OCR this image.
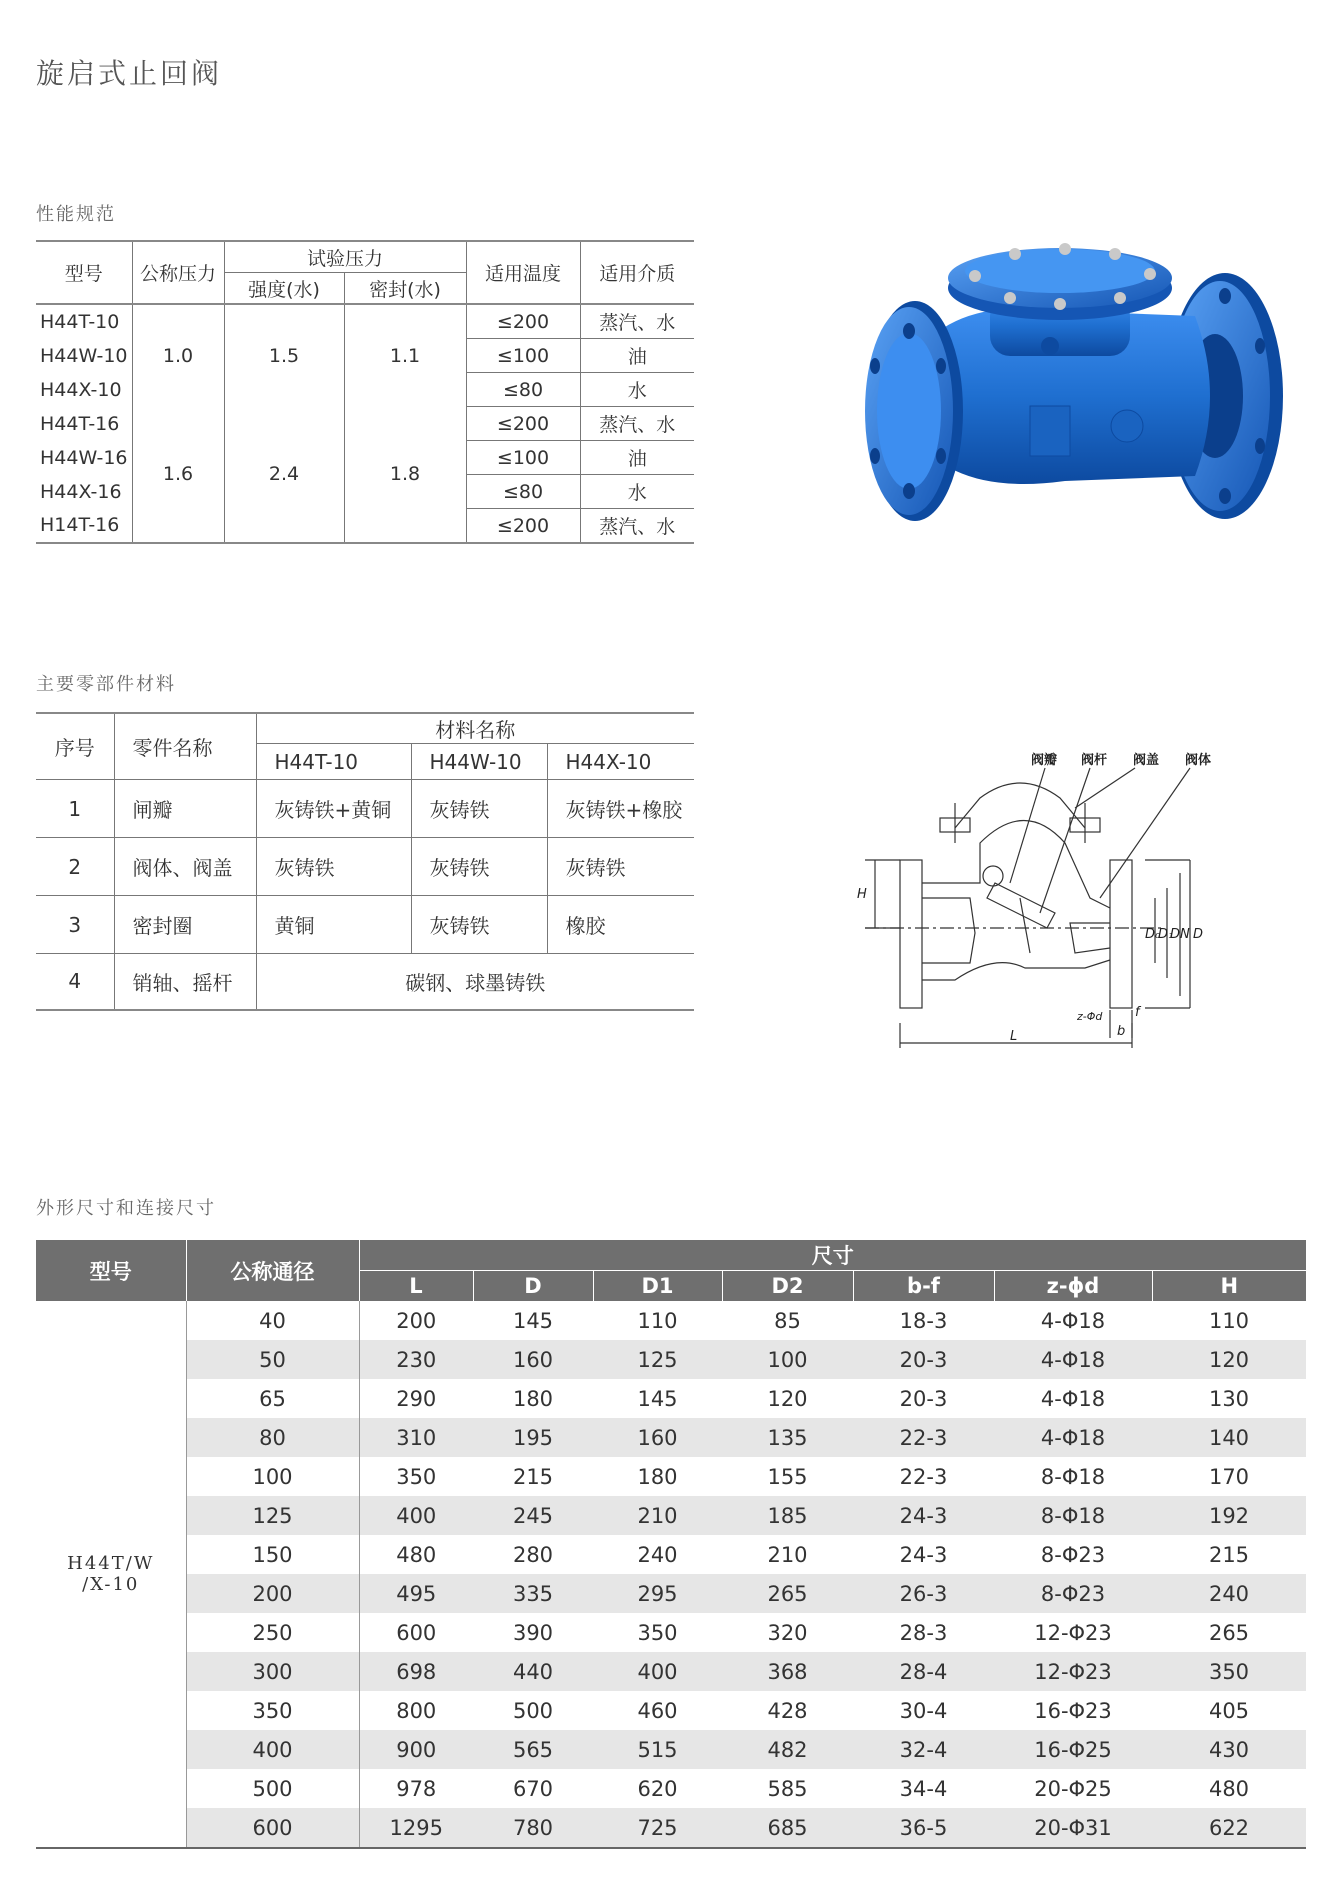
旋启式止回阀
性能规范
主要零部件材料
外形尺寸和连接尺寸
型号	公称压力	试验压力		适用温度	适用介质
		强度(水)	密封(水)		
H44T-10	1.0	1.5	1.1	≤200	蒸汽、水
H44W-10				≤100	油
H44X-10				≤80	水
H44T-16	1.6	2.4	1.8	≤200	蒸汽、水
H44W-16				≤100	油
H44X-16				≤80	水
H14T-16				≤200	蒸汽、水
序号	零件名称	材料名称		
		H44T-10	H44W-10	H44X-10
1	闸瓣	灰铸铁+黄铜	灰铸铁	灰铸铁+橡胶
2	阀体、阀盖	灰铸铁	灰铸铁	灰铸铁
3	密封圈	黄铜	灰铸铁	橡胶
4	销轴、摇杆	碳钢、球墨铸铁		
阀瓣 阀杆 阀盖 阀体
H
L
D₀
D₁
DN D
b
f
z-Φd
型号	公称通径	尺寸						
		L	D	D1	D2	b-f	z-ϕd	H
H44T/W /X-10	40	200	145	110	85	18-3	4-Φ18	110
	50	230	160	125	100	20-3	4-Φ18	120
	65	290	180	145	120	20-3	4-Φ18	130
	80	310	195	160	135	22-3	4-Φ18	140
	100	350	215	180	155	22-3	8-Φ18	170
	125	400	245	210	185	24-3	8-Φ18	192
	150	480	280	240	210	24-3	8-Φ23	215
	200	495	335	295	265	26-3	8-Φ23	240
	250	600	390	350	320	28-3	12-Φ23	265
	300	698	440	400	368	28-4	12-Φ23	350
	350	800	500	460	428	30-4	16-Φ23	405
	400	900	565	515	482	32-4	16-Φ25	430
	500	978	670	620	585	34-4	20-Φ25	480
	600	1295	780	725	685	36-5	20-Φ31	622
